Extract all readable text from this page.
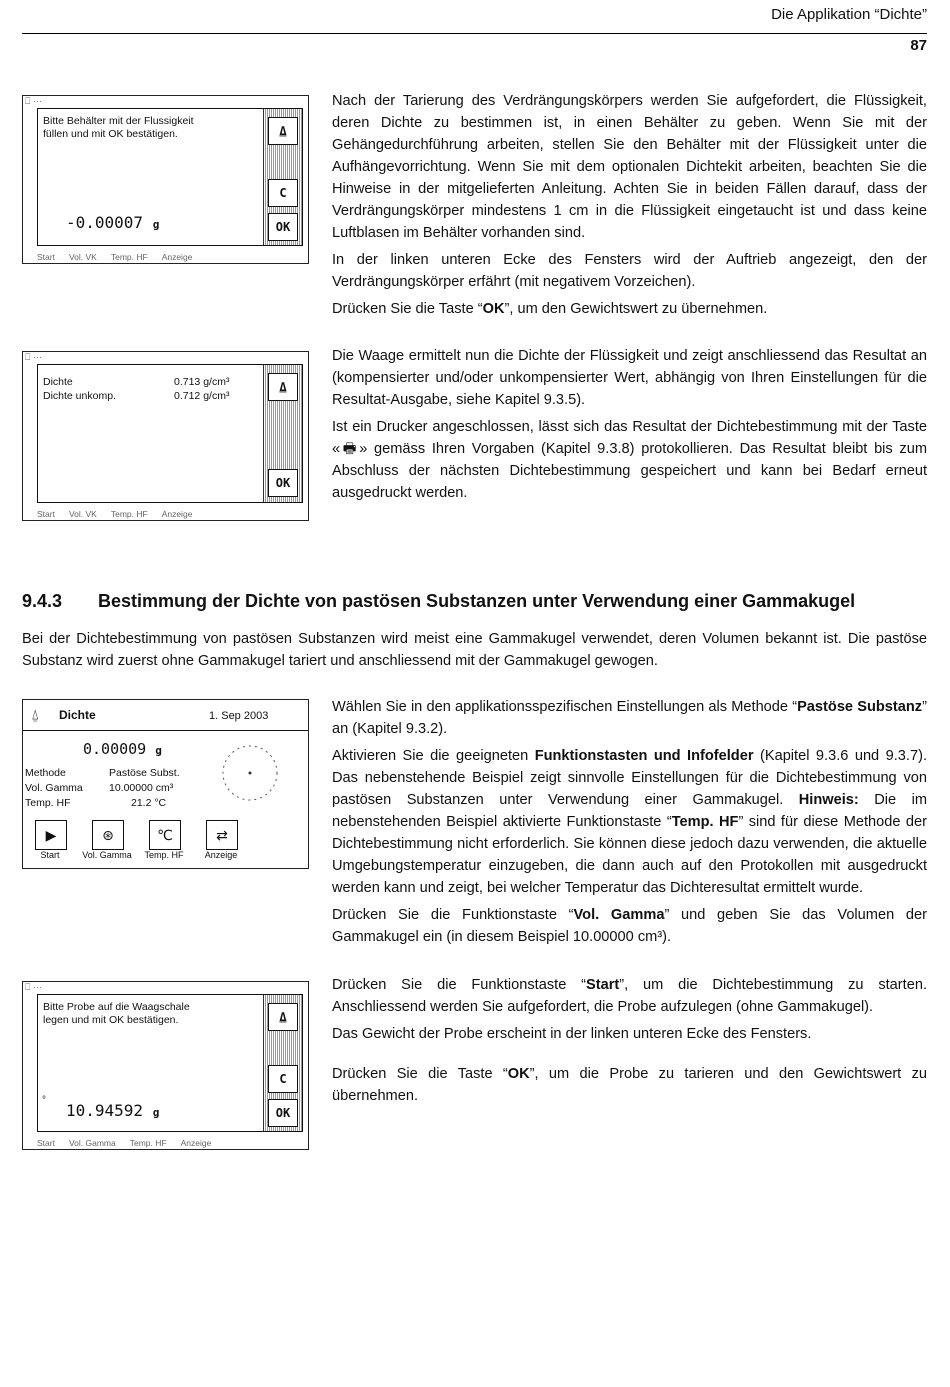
Die Applikation “Dichte”
87
⎕ ···
Bitte Behälter mit der Flussigkeit
füllen und mit OK bestätigen.	⍙
C
OK
-0.00007 g
Start Vol. VK Temp. HF Anzeige

Nach der Tarierung des Verdrängungskörpers werden Sie aufgefordert, die Flüssigkeit, deren Dichte zu bestimmen ist, in einen Behälter zu geben. Wenn Sie mit der Gehängedurchführung arbeiten, stellen Sie den Behälter mit der Flüssigkeit unter die Aufhängevorrichtung. Wenn Sie mit dem optionalen Dichtekit arbeiten, beachten Sie die Hinweise in der mitgelieferten Anleitung. Achten Sie in beiden Fällen darauf, dass der Verdrängungskörper mindestens 1 cm in die Flüssigkeit eingetaucht ist und dass keine Luftblasen im Behälter vorhanden sind.

In der linken unteren Ecke des Fensters wird der Auftrieb angezeigt, den der Verdrängungskörper erfährt (mit negativem Vorzeichen).

Drücken Sie die Taste “OK”, um den Gewichtswert zu übernehmen.

⎕ ···
Dichte	0.713 g/cm³
Dichte unkomp.	0.712 g/cm³
⍙
OK
Start Vol. VK Temp. HF Anzeige

Die Waage ermittelt nun die Dichte der Flüssigkeit und zeigt anschliessend das Resultat an (kompensierter und/oder unkompensierter Wert, abhängig von Ihren Einstellungen für die Resultat-Ausgabe, siehe Kapitel 9.3.5).

Ist ein Drucker angeschlossen, lässt sich das Resultat der Dichtebestimmung mit der Taste «🖶» gemäss Ihren Vorgaben (Kapitel 9.3.8) protokollieren. Das Resultat bleibt bis zum Abschluss der nächsten Dichtebestimmung gespeichert und kann bei Bedarf erneut ausgedruckt werden.

9.4.3 Bestimmung der Dichte von pastösen Substanzen unter Verwendung einer Gammakugel
Bei der Dichtebestimmung von pastösen Substanzen wird meist eine Gammakugel verwendet, deren Volumen bekannt ist. Die pastöse Substanz wird zuerst ohne Gammakugel tariert und anschliessend mit der Gammakugel gewogen.
⍙ Dichte	1. Sep 2003
0.00009 g
Methode	Pastöse Subst.
Vol. Gamma 10.00000 cm³
Temp. HF	21.2 °C
▶	⊛	℃	⇄
Start	Vol. Gamma	Temp. HF	Anzeige

Wählen Sie in den applikationsspezifischen Einstellungen als Methode “Pastöse Substanz” an (Kapitel 9.3.2).

Aktivieren Sie die geeigneten Funktionstasten und Infofelder (Kapitel 9.3.6 und 9.3.7). Das nebenstehende Beispiel zeigt sinnvolle Einstellungen für die Dichtebestimmung von pastösen Substanzen unter Verwendung einer Gammakugel. Hinweis: Die im nebenstehenden Beispiel aktivierte Funktionstaste “Temp. HF” sind für diese Methode der Dichtebestimmung nicht erforderlich. Sie können diese jedoch dazu verwenden, die aktuelle Umgebungstemperatur einzugeben, die dann auch auf den Protokollen mit ausgedruckt werden kann und zeigt, bei welcher Temperatur das Dichteresultat ermittelt wurde.

Drücken Sie die Funktionstaste “Vol. Gamma” und geben Sie das Volumen der Gammakugel ein (in diesem Beispiel 10.00000 cm³).

⎕ ···
Bitte Probe auf die Waagschale
legen und mit OK bestätigen.	⍙
C
OK
°
10.94592 g
Start Vol. Gamma Temp. HF Anzeige

Drücken Sie die Funktionstaste “Start”, um die Dichtebestimmung zu starten. Anschliessend werden Sie aufgefordert, die Probe aufzulegen (ohne Gammakugel).

Das Gewicht der Probe erscheint in der linken unteren Ecke des Fensters.

Drücken Sie die Taste “OK”, um die Probe zu tarieren und den Gewichtswert zu übernehmen.
